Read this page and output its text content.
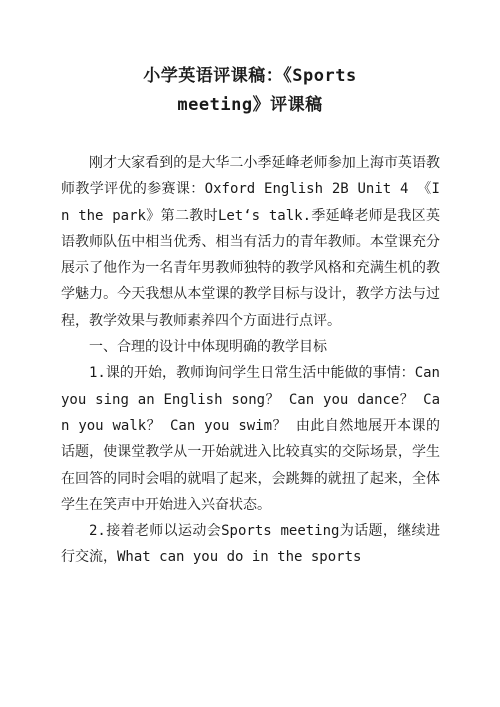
小学英语评课稿：《Sports
meeting》评课稿

刚才大家看到的是大华二小季延峰老师参加上海市英语教师教学评优的参赛课：Oxford English 2B Unit 4 《In the park》第二教时Let‘s talk.季延峰老师是我区英语教师队伍中相当优秀、相当有活力的青年教师。本堂课充分展示了他作为一名青年男教师独特的教学风格和充满生机的教学魅力。今天我想从本堂课的教学目标与设计，教学方法与过程，教学效果与教师素养四个方面进行点评。

一、合理的设计中体现明确的教学目标

1.课的开始，教师询问学生日常生活中能做的事情：Can you sing an English song？ Can you dance？ Can you walk？ Can you swim？ 由此自然地展开本课的话题，使课堂教学从一开始就进入比较真实的交际场景，学生在回答的同时会唱的就唱了起来，会跳舞的就扭了起来，全体学生在笑声中开始进入兴奋状态。

2.接着老师以运动会Sports meeting为话题，继续进行交流，What can you do in the sports
